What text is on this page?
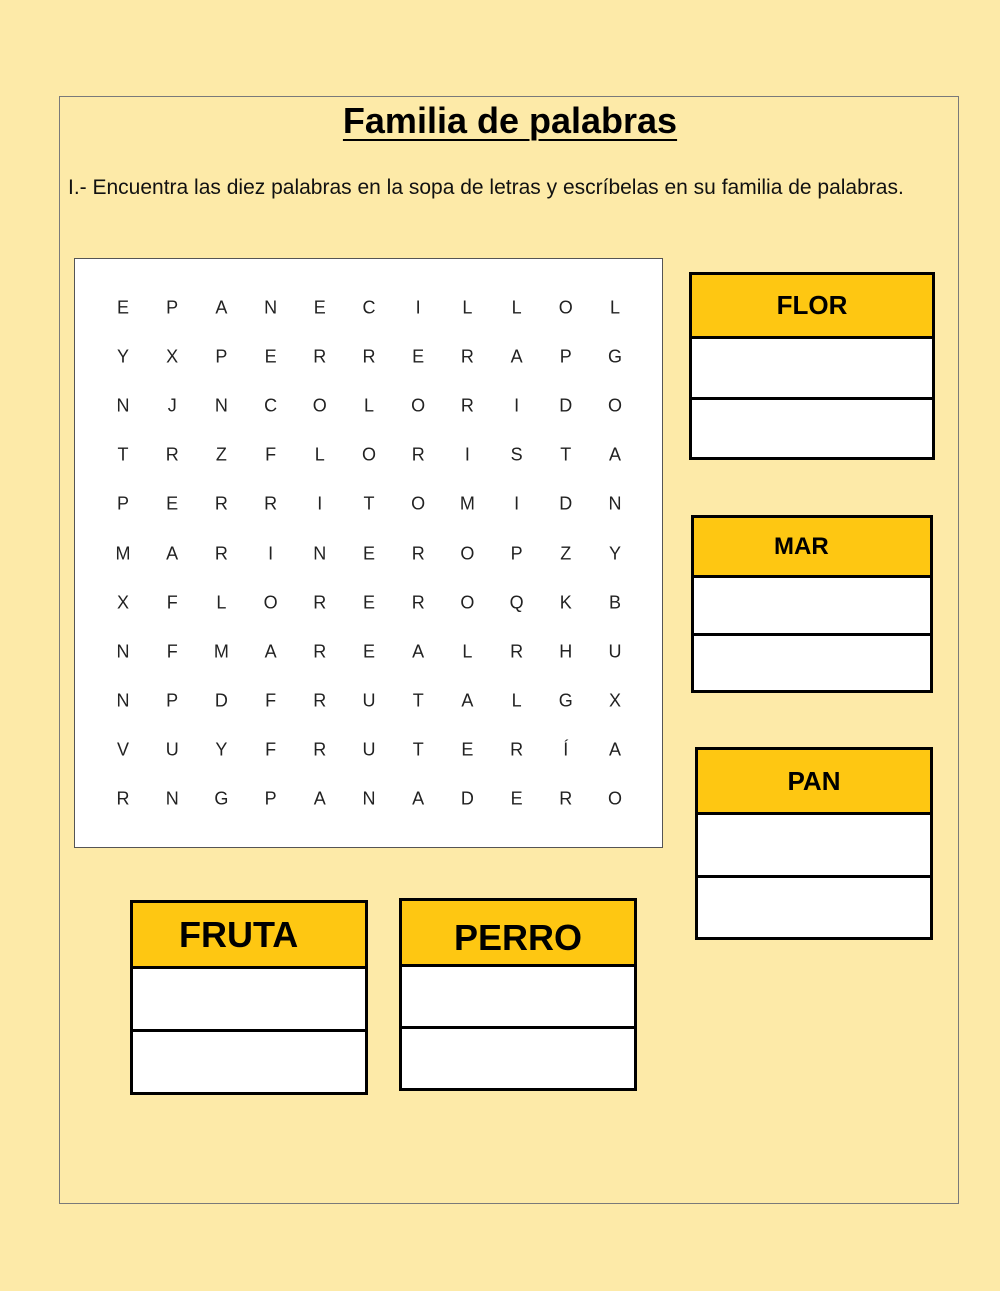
Familia de palabras
I.- Encuentra las diez palabras en la sopa de letras y escríbelas en su familia de palabras.
E	P	A	N	E	C	I	L	L	O	L
Y	X	P	E	R	R	E	R	A	P	G
N	J	N	C	O	L	O	R	I	D	O
T	R	Z	F	L	O	R	I	S	T	A
P	E	R	R	I	T	O	M	I	D	N
M	A	R	I	N	E	R	O	P	Z	Y
X	F	L	O	R	E	R	O	Q	K	B
N	F	M	A	R	E	A	L	R	H	U
N	P	D	F	R	U	T	A	L	G	X
V	U	Y	F	R	U	T	E	R	Í	A
R	N	G	P	A	N	A	D	E	R	O
FLOR
MAR
PAN
FRUTA	PERRO
